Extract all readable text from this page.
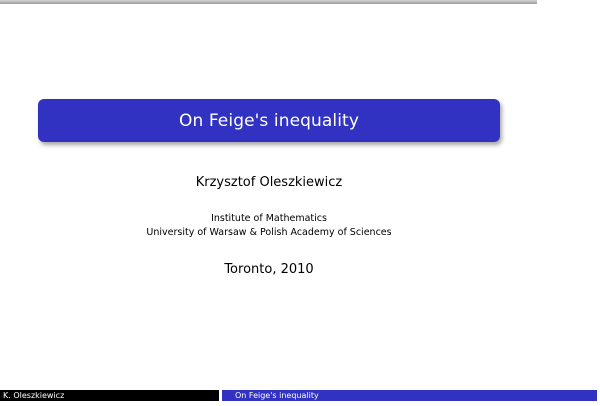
On Feige's inequality
Krzysztof Oleszkiewicz
Institute of Mathematics
University of Warsaw & Polish Academy of Sciences
Toronto, 2010
K. Oleszkiewicz	On Feige's inequality
